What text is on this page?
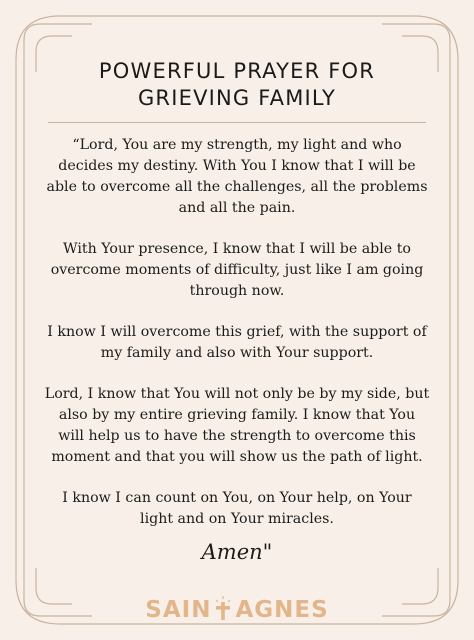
POWERFUL PRAYER FOR
GRIEVING FAMILY

“Lord, You are my strength, my light and who decides my destiny. With You I know that I will be able to overcome all the challenges, all the problems and all the pain.

With Your presence, I know that I will be able to overcome moments of difficulty, just like I am going through now.

I know I will overcome this grief, with the support of my family and also with Your support.

Lord, I know that You will not only be by my side, but also by my entire grieving family. I know that You will help us to have the strength to overcome this moment and that you will show us the path of light.

I know I can count on You, on Your help, on Your light and on Your miracles.

Amen"
SAIN AGNES
